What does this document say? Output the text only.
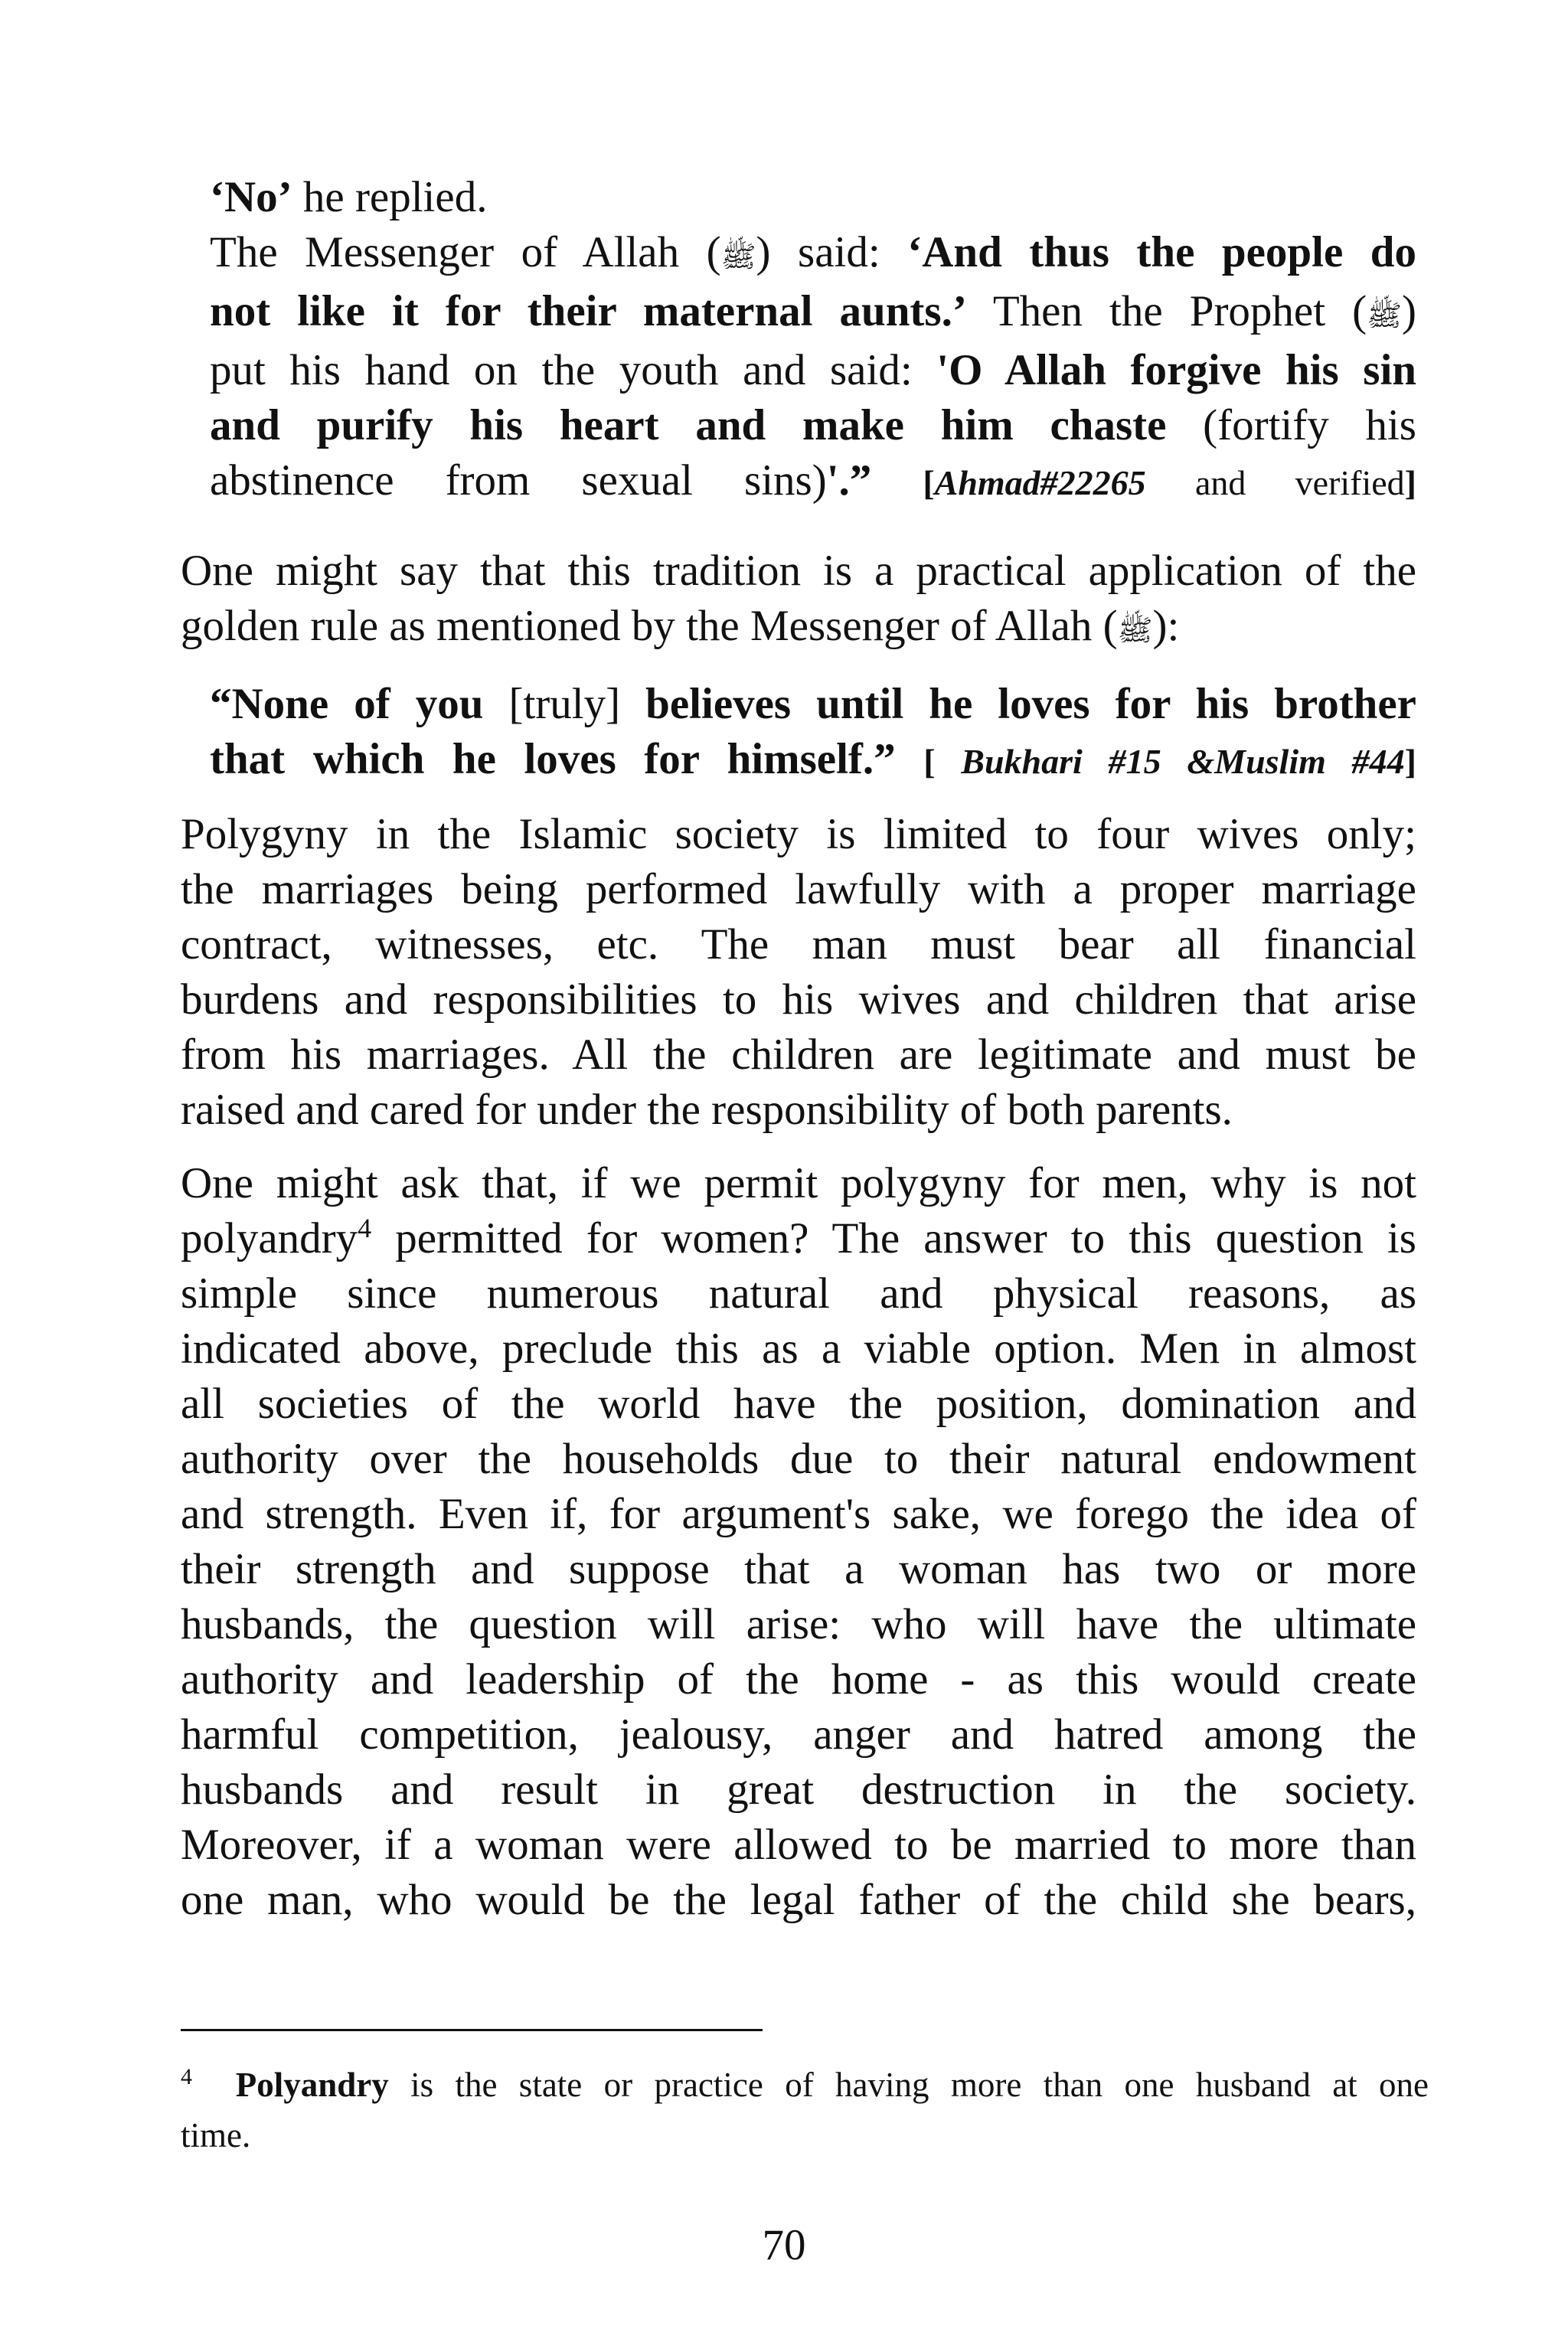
‘No’ he replied.
The Messenger of Allah (ﷺ) said: ‘And thus the people do
not like it for their maternal aunts.’ Then the Prophet (ﷺ)
put his hand on the youth and said: 'O Allah forgive his sin
and purify his heart and make him chaste (fortify his
abstinence from sexual sins)'.” [Ahmad#22265 and verified]
One might say that this tradition is a practical application of the
golden rule as mentioned by the Messenger of Allah (ﷺ):
“None of you [truly] believes until he loves for his brother
that which he loves for himself.” [ Bukhari #15 &Muslim #44]
Polygyny in the Islamic society is limited to four wives only;
the marriages being performed lawfully with a proper marriage
contract, witnesses, etc. The man must bear all financial
burdens and responsibilities to his wives and children that arise
from his marriages. All the children are legitimate and must be
raised and cared for under the responsibility of both parents.
One might ask that, if we permit polygyny for men, why is not
polyandry$^4$ permitted for women? The answer to this question is
simple since numerous natural and physical reasons, as
indicated above, preclude this as a viable option. Men in almost
all societies of the world have the position, domination and
authority over the households due to their natural endowment
and strength. Even if, for argument's sake, we forego the idea of
their strength and suppose that a woman has two or more
husbands, the question will arise: who will have the ultimate
authority and leadership of the home - as this would create
harmful competition, jealousy, anger and hatred among the
husbands and result in great destruction in the society.
Moreover, if a woman were allowed to be married to more than
one man, who would be the legal father of the child she bears,
$^4$ Polyandry is the state or practice of having more than one husband at one
time.
70
